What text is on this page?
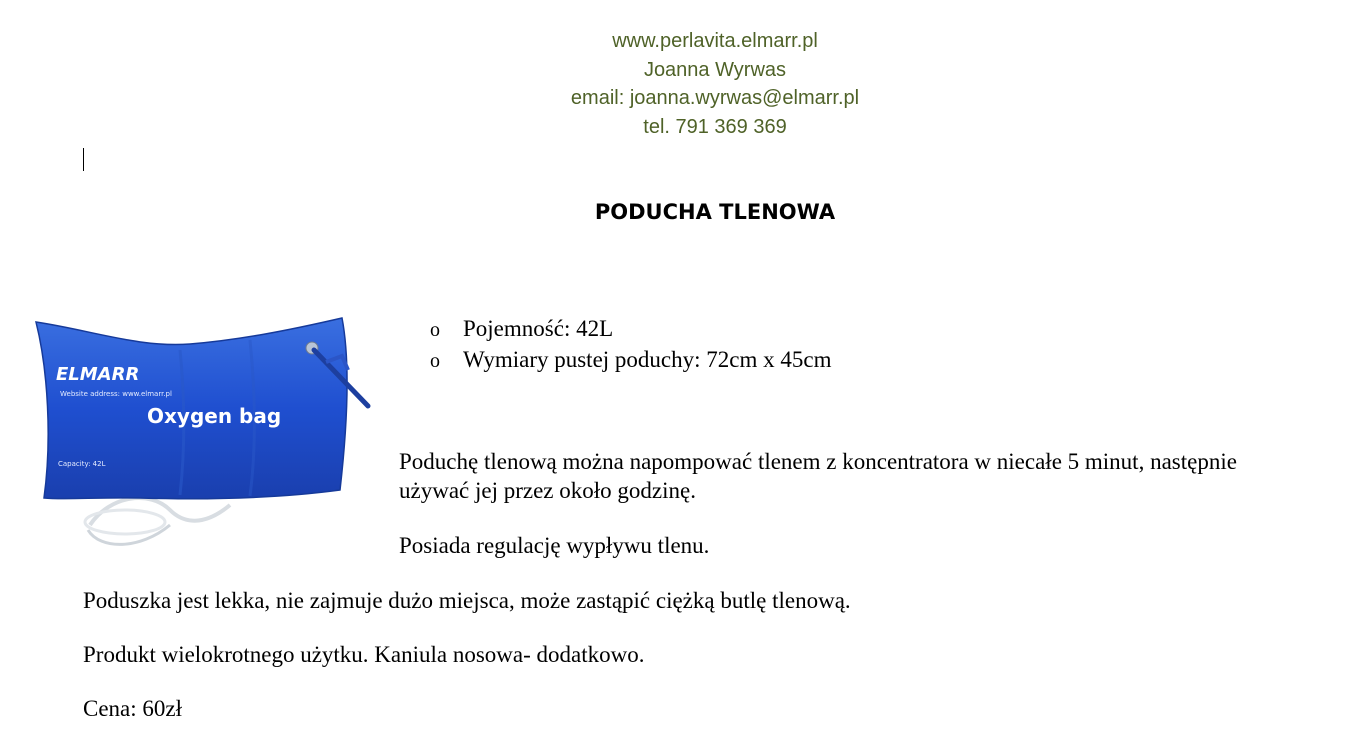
www.perlavita.elmarr.pl
Joanna Wyrwas
email: joanna.wyrwas@elmarr.pl
tel. 791 369 369
PODUCHA TLENOWA
ELMARR
Website address: www.elmarr.pl
Oxygen bag
Capacity: 42L
o Pojemność: 42L
o Wymiary pustej poduchy: 72cm x 45cm
Poduchę tlenową można napompować tlenem z koncentratora w niecałe 5 minut, następnie
używać jej przez około godzinę.
Posiada regulację wypływu tlenu.
Poduszka jest lekka, nie zajmuje dużo miejsca, może zastąpić ciężką butlę tlenową.
Produkt wielokrotnego użytku. Kaniula nosowa- dodatkowo.
Cena: 60zł
